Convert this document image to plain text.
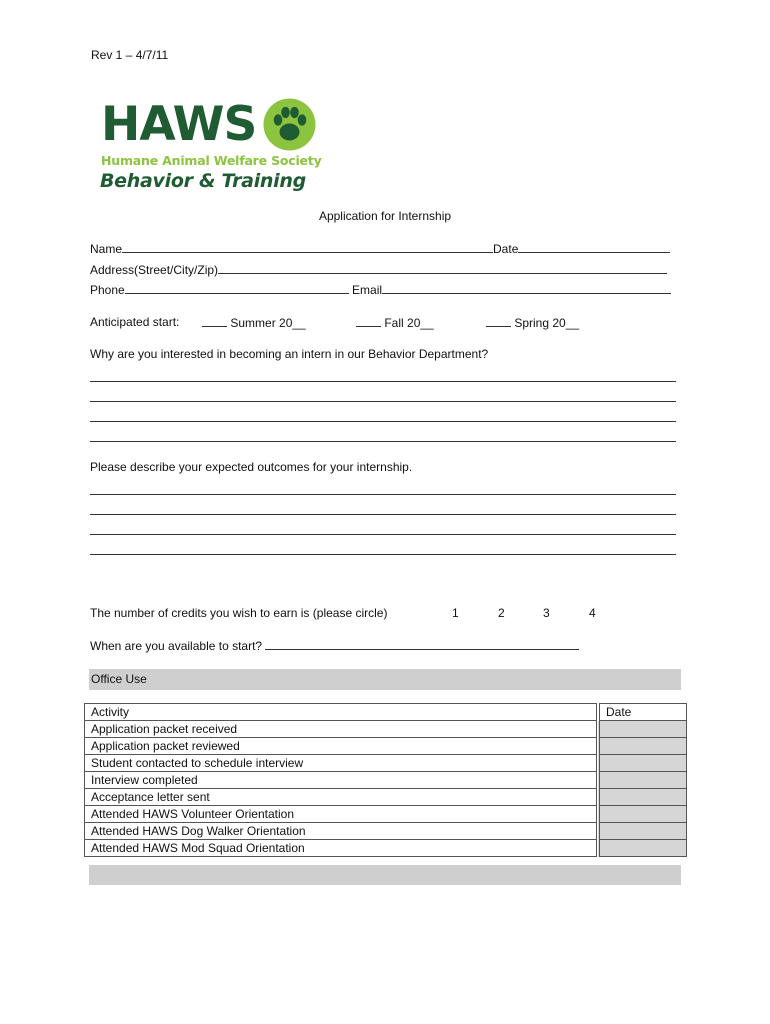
Rev 1 – 4/7/11
HAWS
Humane Animal Welfare Society
Behavior & Training
Application for Internship
Name	Date
Address(Street/City/Zip)
Phone	Email
Anticipated start:	Summer 20__	Fall 20__	Spring 20__
Why are you interested in becoming an intern in our Behavior Department?
Please describe your expected outcomes for your internship.
The number of credits you wish to earn is (please circle)	1	2	3	4
When are you available to start?
Office Use
Activity	Date
Application packet received	
Application packet reviewed	
Student contacted to schedule interview	
Interview completed	
Acceptance letter sent	
Attended HAWS Volunteer Orientation	
Attended HAWS Dog Walker Orientation	
Attended HAWS Mod Squad Orientation	
